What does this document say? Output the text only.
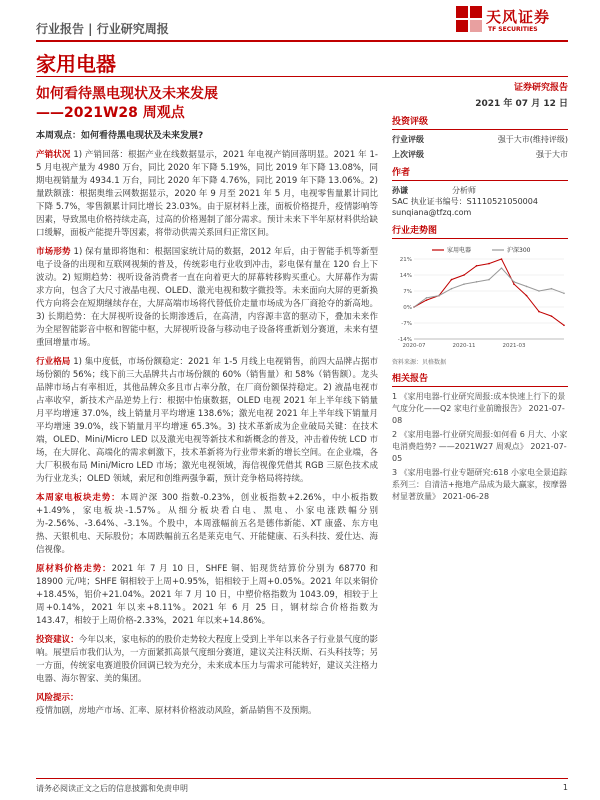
行业报告 | 行业研究周报
天风证券
TF SECURITIES
家用电器
如何看待黑电现状及未来发展
——2021W28 周观点
证券研究报告
2021 年 07 月 12 日
投资评级
行业评级	强于大市(维持评级)
上次评级	强于大市
作者
孙谦	分析师
SAC 执业证书编号：S1110521050004
sunqiana@tfzq.com
行业走势图
21%
14%
7%
0%
-7%
-14%
2020-07	2020-11	2021-03
家用电器	沪深300
资料来源：贝格数据
相关报告
1 《家用电器-行业研究周报:成本快速上行下的景气度分化——Q2 家电行业前瞻报告》 2021-07-08
2 《家用电器-行业研究周报:如何看 6 月大、小家电消费趋势? ——2021W27 周观点》 2021-07-05
3 《家用电器-行业专题研究:618 小家电全景追踪系列三：自清洁+拖地产品成为最大赢家，按摩器材显著放量》 2021-06-28
本周观点：如何看待黑电现状及未来发展?

产销状况 1) 产销回落：根据产业在线数据显示，2021 年电视产销回落明显。2021 年 1-5 月电视产量为 4980 万台，同比 2020 年下降 5.19%，同比 2019 年下降 13.08%，同期电视销量为 4934.1 万台，同比 2020 年下降 4.76%，同比 2019 年下降 13.06%。2) 量跌额涨：根据奥维云网数据显示，2020 年 9 月至 2021 年 5 月，电视零售量累计同比下降 5.7%，零售额累计同比增长 23.03%。由于原材料上涨，面板价格提升，疫情影响等因素，导致黑电价格持续走高，过高的价格遏制了部分需求。预计未来下半年原材料供给缺口缓解，面板产能提升等因素，将带动供需关系回归正常区间。

市场形势 1) 保有量即将饱和：根据国家统计局的数据，2012 年后，由于智能手机等新型电子设备的出现和互联网视频的普及，传统彩电行业收到冲击，彩电保有量在 120 台上下波动。2) 短期趋势：视听设备消费者一直在向着更大的屏幕转移购买重心。大屏幕作为需求方向，包含了大尺寸液晶电视、OLED、激光电视和数字微投等。未来面向大屏的更新换代方向将会在短期继续存在，大屏高端市场将代替低价走量市场成为各厂商抢夺的新高地。3) 长期趋势：在大屏视听设备的长期渗透后，在高清，内容源丰富的驱动下，叠加未来作为全屋智能影音中枢和智能中枢，大屏视听设备与移动电子设备将重新划分赛道，未来有望重回增量市场。

行业格局 1) 集中度低，市场份额稳定：2021 年 1-5 月线上电视销售，前四大品牌占据市场份额的 56%；线下前三大品牌共占市场份额的 60%（销售量）和 58%（销售额）。龙头品牌市场占有率相近，其他品牌众多且市占率分散，在厂商份额保持稳定。2) 液晶电视市占率收窄，新技术产品逆势上行：根据中怡康数据，OLED 电视 2021 年上半年线下销量月平均增速 37.0%，线上销量月平均增速 138.6%；激光电视 2021 年上半年线下销量月平均增速 39.0%，线下销量月平均增速 65.3%。3) 技术革新成为企业破局关键：在技术端，OLED、Mini/Micro LED 以及激光电视等新技术和新概念的普及，冲击着传统 LCD 市场，在大屏化、高端化的需求刺激下，技术革新将为行业带来新的增长空间。在企业端，各大厂积极布局 Mini/Micro LED 市场；激光电视领域，海信视像凭借其 RGB 三原色技术成为行业龙头；OLED 领域，索尼和创维两强争霸，预计竞争格局将持续。

本周家电板块走势：本周沪深 300 指数-0.23%，创业板指数+2.26%，中小板指数+1.49%，家电板块-1.57%。从细分板块看白电、黑电、小家电涨跌幅分别为-2.56%、-3.64%、-3.1%。个股中，本周涨幅前五名是德伟新能、XT 康盛、东方电热、天银机电、天际股份；本周跌幅前五名是莱克电气、开能健康、石头科技、爱仕达、海信视像。

原材料价格走势：2021 年 7 月 10 日，SHFE 铜、铝现货结算价分别为 68770 和 18900 元/吨；SHFE 铜相较于上周+0.95%，铝相较于上周+0.05%。2021 年以来铜价+18.45%，铝价+21.04%。2021 年 7 月 10 日，中塑价格指数为 1043.09，相较于上周+0.14%，2021 年以来+8.11%。2021 年 6 月 25 日，钢材综合价格指数为 143.47，相较于上周价格-2.33%，2021 年以来+14.86%。

投资建议：今年以来，家电标的的股价走势较大程度上受到上半年以来各子行业景气度的影响。展望后市我们认为，一方面紧抓高景气度细分赛道，建议关注科沃斯、石头科技等；另一方面，传统家电赛道股价回调已较为充分，未来成本压力与需求可能转好，建议关注格力电器、海尔智家、美的集团。

风险提示：
疫情加剧，房地产市场、汇率、原材料价格波动风险，新品销售不及预期。

请务必阅读正文之后的信息披露和免责申明	1
